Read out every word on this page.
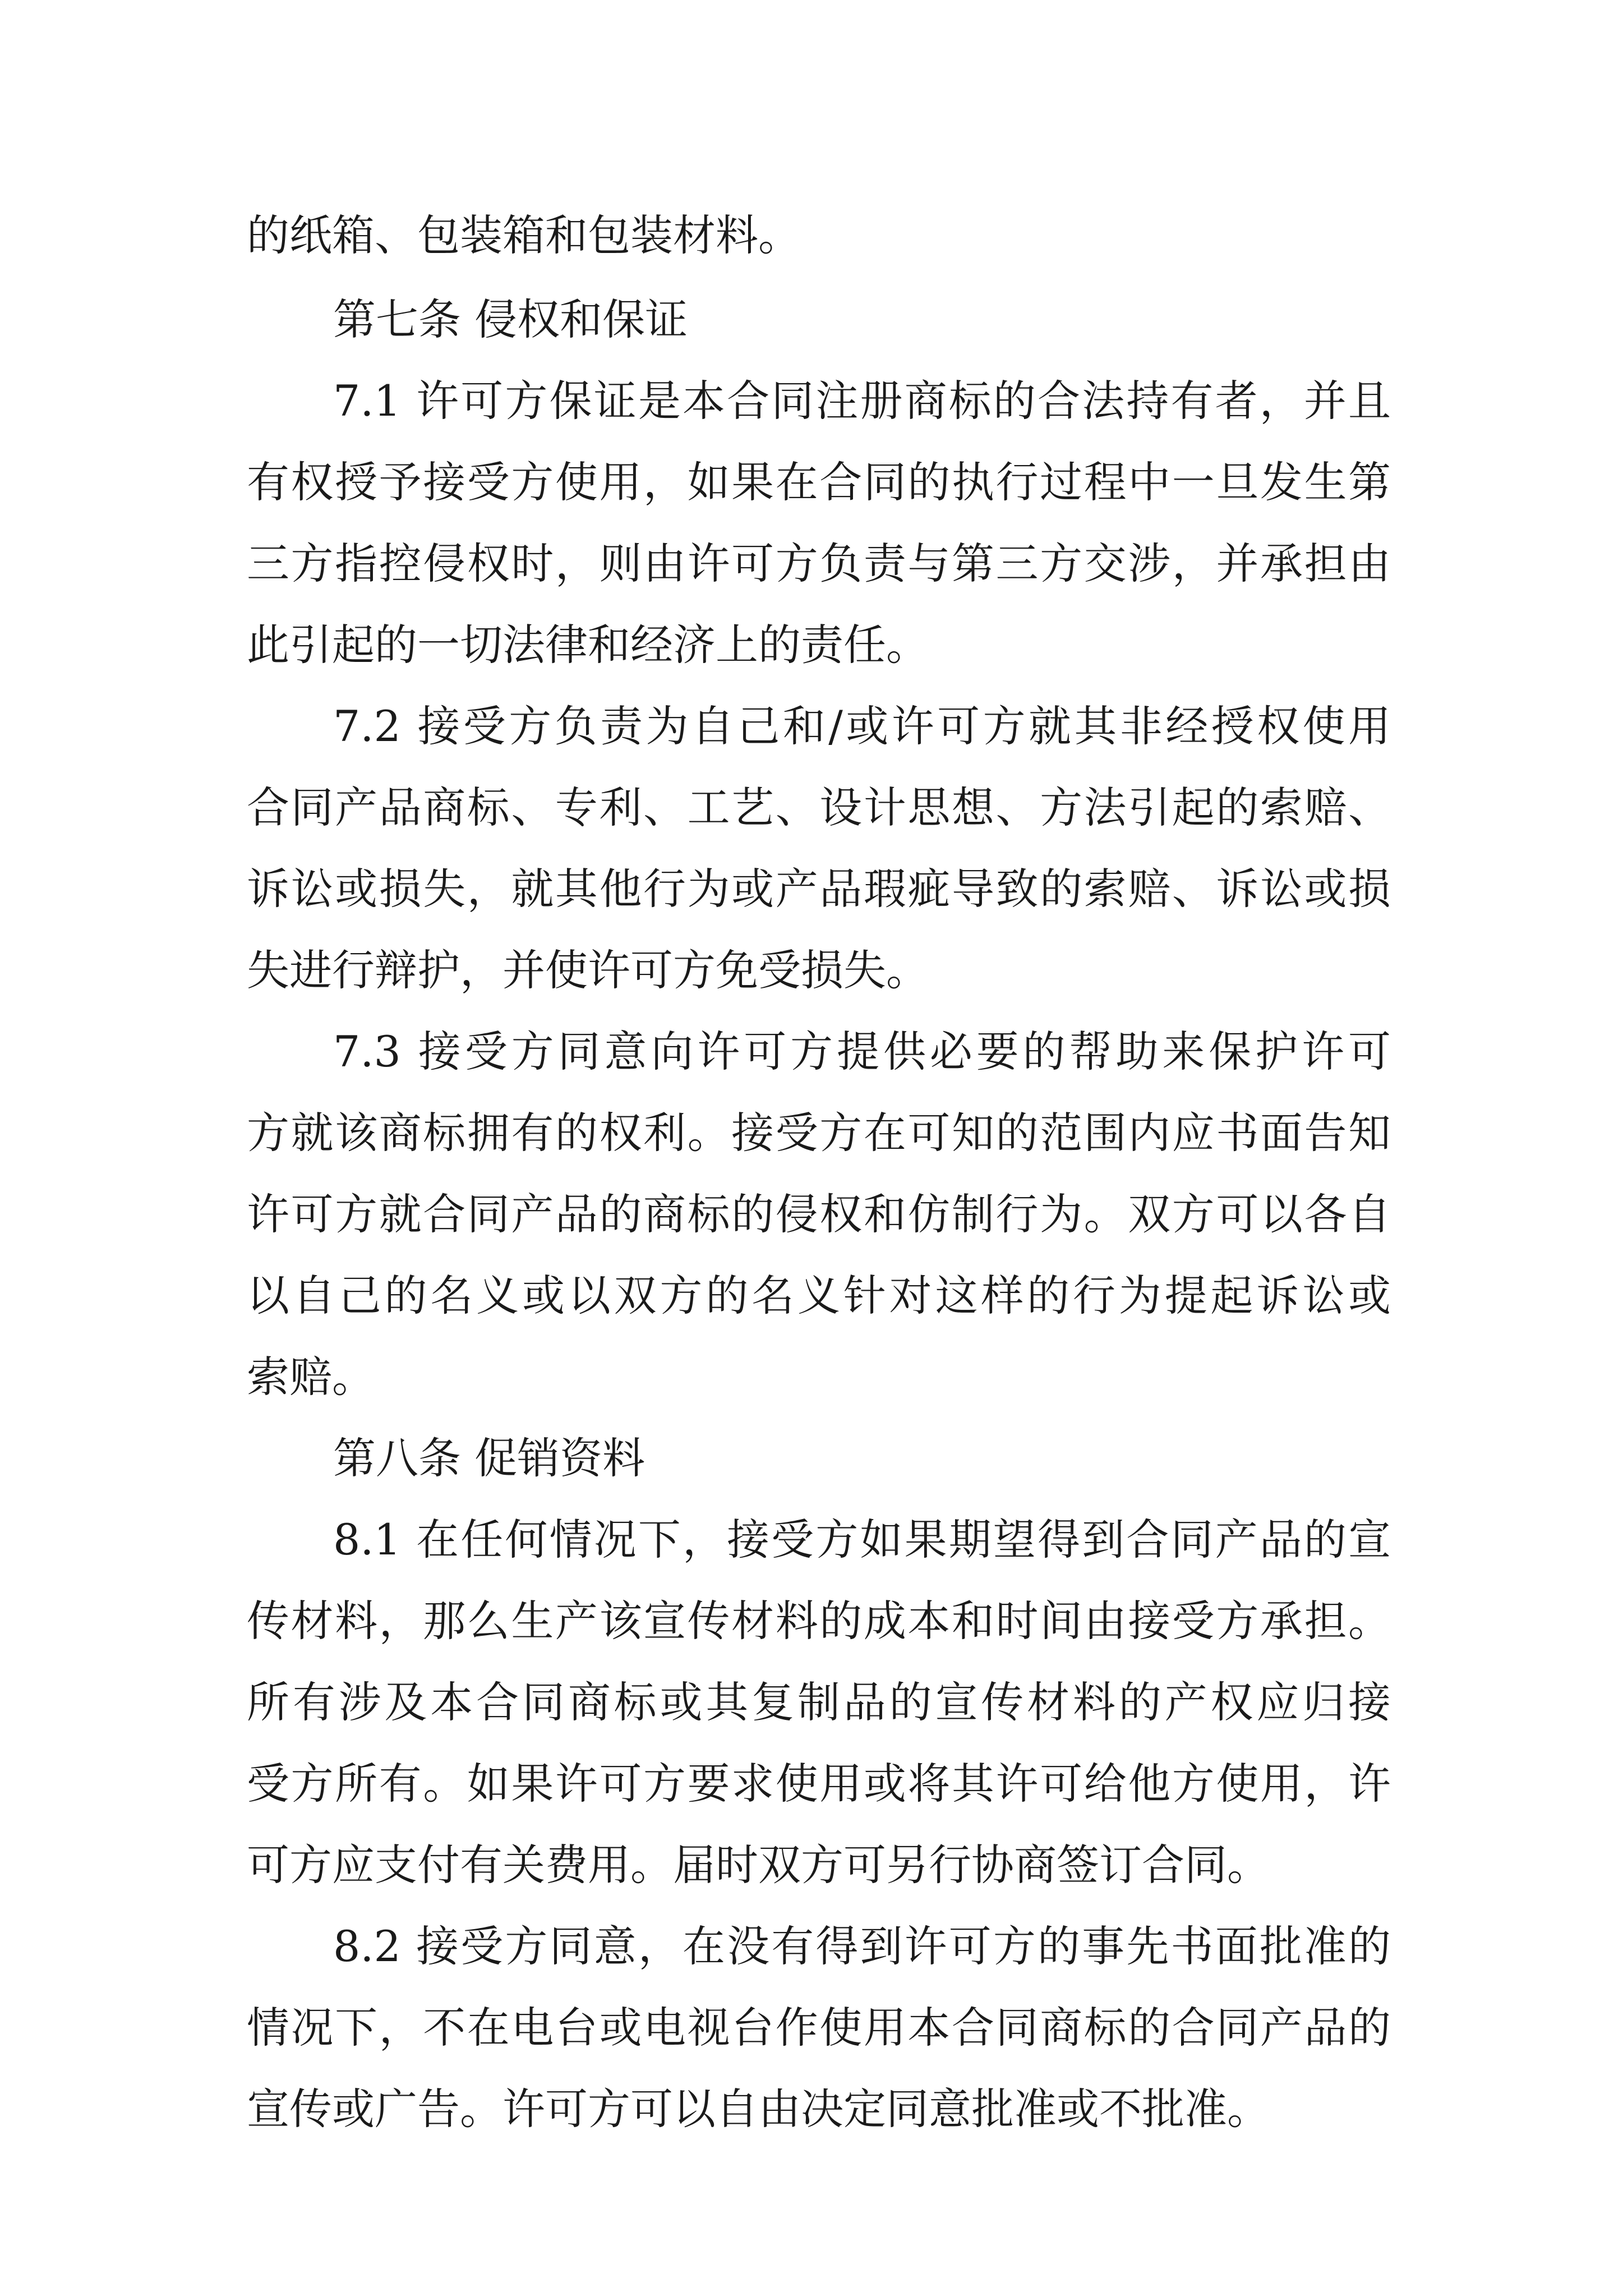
的纸箱、包装箱和包装材料。
第七条 侵权和保证
7.1 许可方保证是本合同注册商标的合法持有者，并且
有权授予接受方使用，如果在合同的执行过程中一旦发生第
三方指控侵权时，则由许可方负责与第三方交涉，并承担由
此引起的一切法律和经济上的责任。
7.2 接受方负责为自己和/或许可方就其非经授权使用
合同产品商标、专利、工艺、设计思想、方法引起的索赔、
诉讼或损失，就其他行为或产品瑕疵导致的索赔、诉讼或损
失进行辩护，并使许可方免受损失。
7.3 接受方同意向许可方提供必要的帮助来保护许可
方就该商标拥有的权利。接受方在可知的范围内应书面告知
许可方就合同产品的商标的侵权和仿制行为。双方可以各自
以自己的名义或以双方的名义针对这样的行为提起诉讼或
索赔。
第八条 促销资料
8.1 在任何情况下，接受方如果期望得到合同产品的宣
传材料，那么生产该宣传材料的成本和时间由接受方承担。
所有涉及本合同商标或其复制品的宣传材料的产权应归接
受方所有。如果许可方要求使用或将其许可给他方使用，许
可方应支付有关费用。届时双方可另行协商签订合同。
8.2 接受方同意，在没有得到许可方的事先书面批准的
情况下，不在电台或电视台作使用本合同商标的合同产品的
宣传或广告。许可方可以自由决定同意批准或不批准。
